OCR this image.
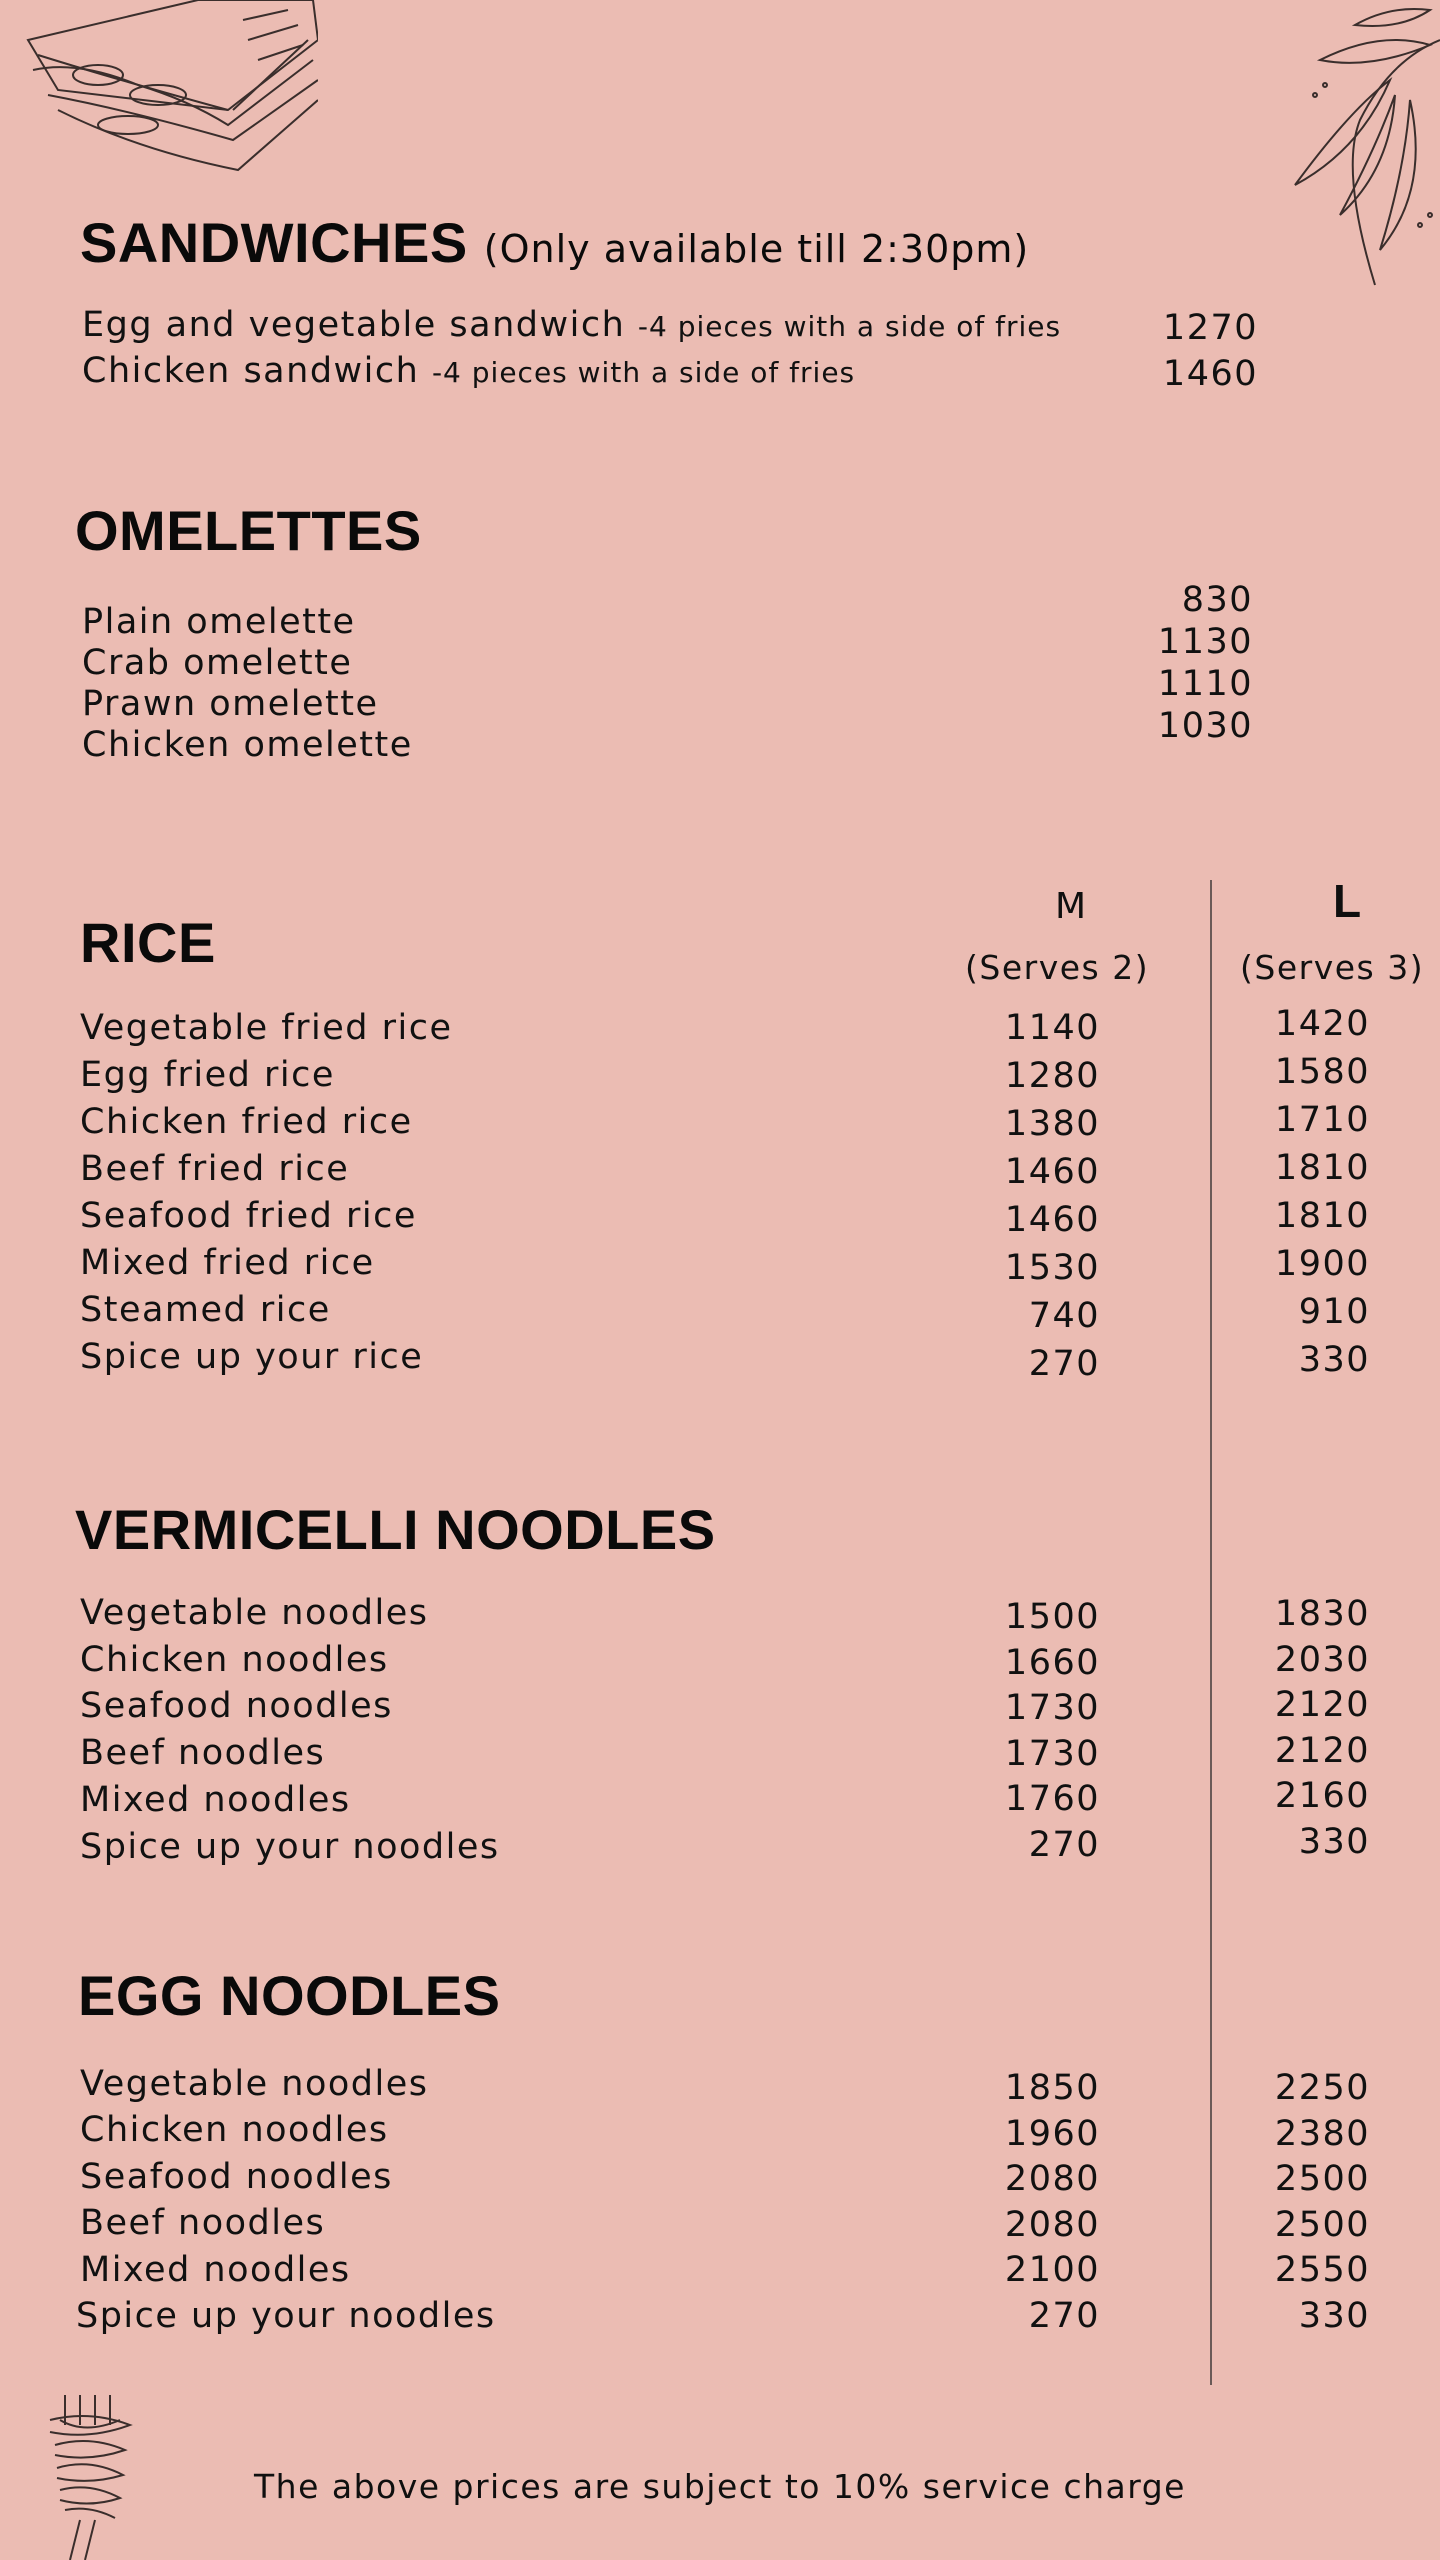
SANDWICHES (Only available till 2:30pm)
Egg and vegetable sandwich -4 pieces with a side of fries	1270
Chicken sandwich -4 pieces with a side of fries	1460
OMELETTES
Plain omelette
Crab omelette
Prawn omelette
Chicken omelette
830
1130
1110
1030
M
(Serves 2)
L
(Serves 3)
RICE
Vegetable fried rice
Egg fried rice
Chicken fried rice
Beef fried rice
Seafood fried rice
Mixed fried rice
Steamed rice
Spice up your rice
1140
1280
1380
1460
1460
1530
740
270
1420
1580
1710
1810
1810
1900
910
330
VERMICELLI NOODLES
Vegetable noodles
Chicken noodles
Seafood noodles
Beef noodles
Mixed noodles
Spice up your noodles
1500
1660
1730
1730
1760
270
1830
2030
2120
2120
2160
330
EGG NOODLES
Vegetable noodles
Chicken noodles
Seafood noodles
Beef noodles
Mixed noodles
Spice up your noodles
1850
1960
2080
2080
2100
270
2250
2380
2500
2500
2550
330
The above prices are subject to 10% service charge
